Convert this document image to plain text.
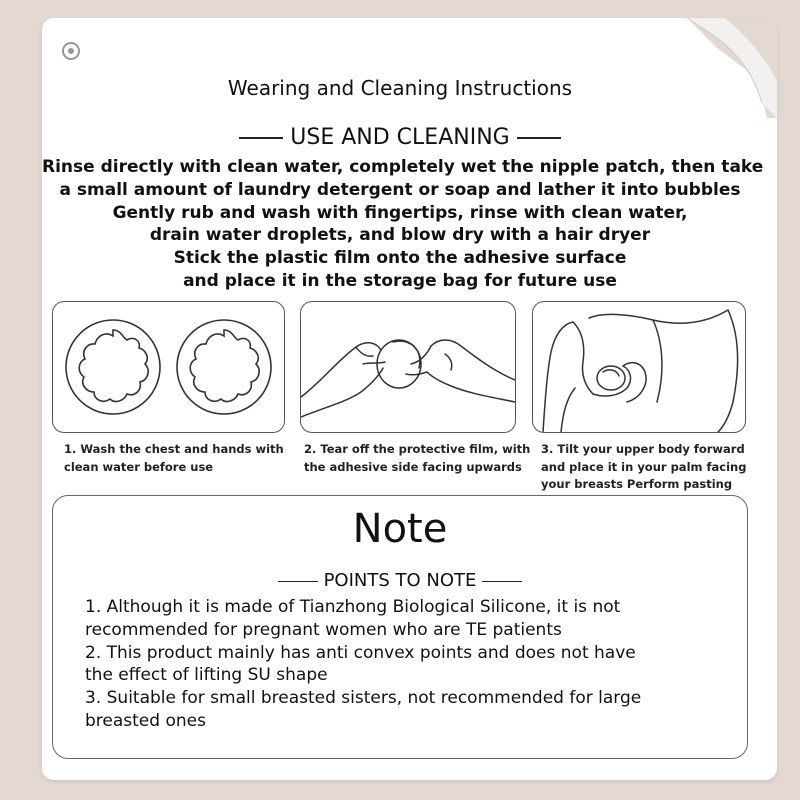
Wearing and Cleaning Instructions
USE AND CLEANING
Rinse directly with clean water, completely wet the nipple patch, then take
a small amount of laundry detergent or soap and lather it into bubbles
Gently rub and wash with fingertips, rinse with clean water,
drain water droplets, and blow dry with a hair dryer
Stick the plastic film onto the adhesive surface
and place it in the storage bag for future use
1. Wash the chest and hands with
clean water before use
2. Tear off the protective film, with
the adhesive side facing upwards
3. Tilt your upper body forward
and place it in your palm facing
your breasts Perform pasting
Note
POINTS TO NOTE
1. Although it is made of Tianzhong Biological Silicone, it is not
recommended for pregnant women who are TE patients
2. This product mainly has anti convex points and does not have
the effect of lifting SU shape
3. Suitable for small breasted sisters, not recommended for large
breasted ones
